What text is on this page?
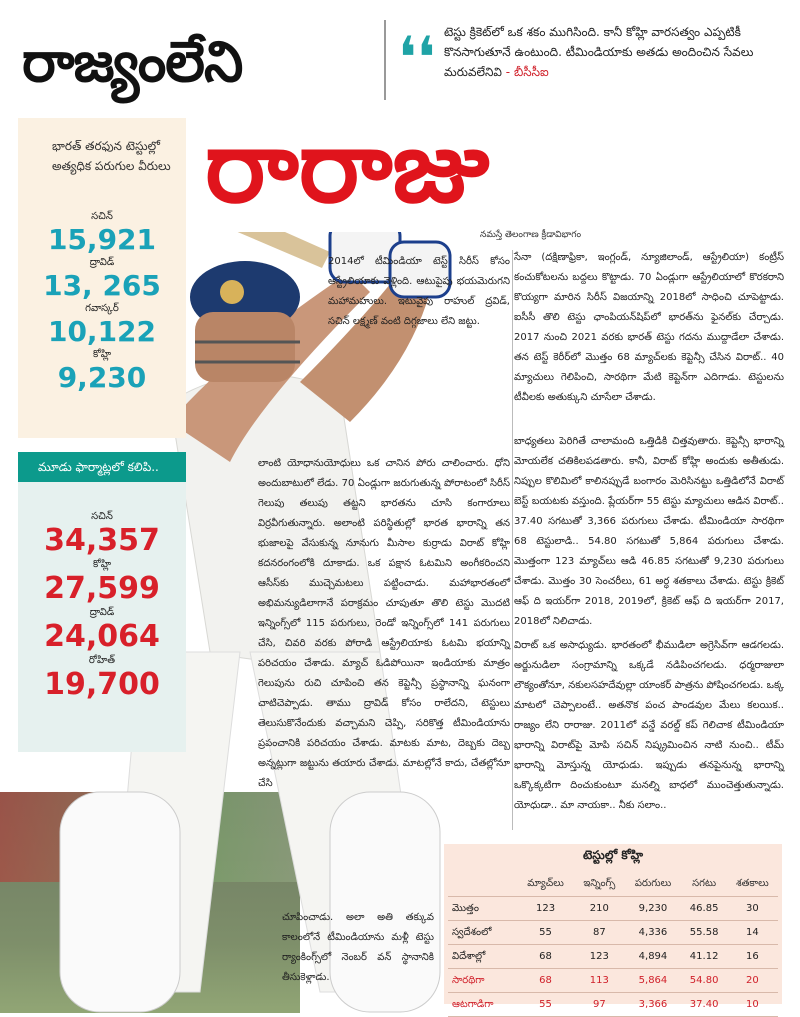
రాజ్యంలేని	❛❛ టెస్టు క్రికెట్‌లో ఒక శకం ముగిసింది. కానీ కోహ్లి వారసత్వం ఎప్పటికీ కొనసాగుతూనే ఉంటుంది. టీమిండియాకు అతడు అందించిన సేవలు మరువలేనివి - బీసీసీఐ
రారాజు
నమస్తే తెలంగాణ క్రీడావిభాగం
భారత్ తరఫున టెస్టుల్లో అత్యధిక పరుగుల వీరులు
సచిన్
15,921
ద్రావిడ్
13, 265
గవాస్కర్
10,122
కోహ్లి
9,230
మూడు ఫార్మాట్లలో కలిపి..
సచిన్
34,357
కోహ్లి
27,599
ద్రావిడ్
24,064
రోహిత్
19,700
2014లో టీమిండియా టెస్ట్ సిరీస్ కోసం ఆస్ట్రేలియాకు వెళ్లింది. ఆటుపైపు భయమెరుగని మహామహులు. ఇటువైపు రాహుల్ ద్రవిడ్, సచిన్ లక్ష్మణ్ వంటి దిగ్గజాలు లేని జట్టు.
లాంటి యోధానుయోధులు ఒక చానిన పోరు చాలించారు. ధోని అందుబాటులో లేడు. 70 ఏండ్లుగా జరుగుతున్న పోరాటంలో సిరీస్ గెలుపు తలుపు తట్టని భారతను చూసి కంగారూలు విర్రవీగుతున్నారు. అలాంటి పరిస్థితుల్లో భారత భారాన్ని తన భుజాలపై వేసుకున్న నూనుగు మీసాల కుర్రాడు విరాట్ కోహ్లి కదనరంగంలోకి దూకాడు. ఒక పక్షాన ఓటమిని అంగీకరించని ఆసీస్‌కు ముచ్చెమటలు పట్టించాడు. మహాభారతంలో అభిమన్యుడిలాగానే పరాక్రమం చూపుతూ తొలి టెస్టు మొదటి ఇన్నింగ్స్‌లో 115 పరుగులు, రెండో ఇన్నింగ్స్‌లో 141 పరుగులు చేసి, చివరి వరకు పోరాడి ఆస్ట్రేలియాకు ఓటమి భయాన్ని పరిచయం చేశాడు. మ్యాచ్ ఓడిపోయినా ఇండియాకు మాత్రం గెలుపును రుచి చూపించి తన కెప్టెన్సీ ప్రస్థానాన్ని ఘనంగా చాటిచెప్పాడు. తాము ద్రావిడ్ కోసం రాలేదని, టెస్టులు తెలుసుకొనేందుకు వచ్చామని చెప్పి, సరికొత్త టీమిండియాను ప్రపంచానికి పరిచయం చేశాడు. మాటకు మాట, దెబ్బకు దెబ్బ అన్నట్లుగా జట్టును తయారు చేశాడు. మాటల్లోనే కాదు, చేతల్లోనూ చేసి
చూపించాడు. అలా అతి తక్కువ కాలంలోనే టీమిండియాను మళ్లీ టెస్టు ర్యాంకింగ్స్‌లో నెంబర్ వన్ స్థానానికి తీసుకెళ్లాడు.
సేనా (దక్షిణాఫ్రికా, ఇంగ్లండ్, న్యూజిలాండ్, ఆస్ట్రేలియా) కంట్రీస్ కంచుకోటలను బద్దలు కొట్టాడు. 70 ఏండ్లుగా ఆస్ట్రేలియాలో కొరకరాని కొయ్యగా మారిన సిరీస్ విజయాన్ని 2018లో సాధించి చూపెట్టాడు. ఐసీసీ తొలి టెస్టు ఛాంపియన్‌షిప్‌లో భారత్‌ను ఫైనల్‌కు చేర్చాడు. 2017 నుంచి 2021 వరకు భారత్ టెస్టు గదను ముద్దాడేలా చేశాడు. తన టెస్ట్ కెరీర్‌లో మొత్తం 68 మ్యాచ్‌లకు కెప్టెన్సీ చేసిన విరాట్.. 40 మ్యాచులు గెలిపించి, సారథిగా మేటి కెప్టెన్‌గా ఎదిగాడు. టెస్టులను టీవీలకు అతుక్కుని చూసేలా చేశాడు.
బాధ్యతలు పెరిగితే చాలామంది ఒత్తిడికి చిత్తవుతారు. కెప్టెన్సీ భారాన్ని మోయలేక చతికిలపడతారు. కానీ, విరాట్ కోహ్లి అందుకు అతీతుడు. నిప్పుల కొలిమిలో కాలినప్పుడే బంగారం మెరిసినట్టు ఒత్తిడిలోనే విరాట్ బెస్ట్ బయటకు వస్తుంది. ప్లేయర్‌గా 55 టెస్టు మ్యాచులు ఆడిన విరాట్.. 37.40 సగటుతో 3,366 పరుగులు చేశాడు. టీమిండియా సారథిగా 68 టెస్టులాడి.. 54.80 సగటుతో 5,864 పరుగులు చేశాడు. మొత్తంగా 123 మ్యాచ్‌లు ఆడి 46.85 సగటుతో 9,230 పరుగులు చేశాడు. మొత్తం 30 సెంచరీలు, 61 అర్ధ శతకాలు చేశాడు. టెస్టు క్రికెట్ ఆఫ్ ది ఇయర్‌గా 2018, 2019లో, క్రికెట్ ఆఫ్ ది ఇయర్‌గా 2017, 2018లో నిలిచాడు.
విరాట్ ఒక అసాధ్యుడు. భారతంలో భీముడిలా అగ్రెసివ్‌గా ఆడగలడు. అర్జునుడిలా సంగ్రామాన్ని ఒక్కడే నడిపించగలడు. ధర్మరాజులా లౌక్యంతోనూ, నకులసహదేవుల్లా యాంకర్ పాత్రను పోషించగలడు. ఒక్క మాటలో చెప్పాలంటే.. అతనొక పంచ పాండవుల మేలు కలయిక.. రాజ్యం లేని రారాజు. 2011లో వన్డే వరల్డ్ కప్ గెలిచాక టీమిండియా భారాన్ని విరాట్‌పై మోపి సచిన్ నిష్క్రమించిన నాటి నుంచి.. టీమ్ భారాన్ని మోస్తున్న యోధుడు. ఇప్పుడు తనపైనున్న భారాన్ని ఒక్కొక్కటిగా దించుకుంటూ మనల్ని బాధలో ముంచెత్తుతున్నాడు. యోధుడా.. మా నాయకా.. నీకు సలాం..
టెస్టుల్లో కోహ్లి
	మ్యాచ్‌లు	ఇన్నింగ్స్	పరుగులు	సగటు	శతకాలు
మొత్తం	123	210	9,230	46.85	30
స్వదేశంలో	55	87	4,336	55.58	14
విదేశాల్లో	68	123	4,894	41.12	16
సారథిగా	68	113	5,864	54.80	20
ఆటగాడిగా	55	97	3,366	37.40	10
